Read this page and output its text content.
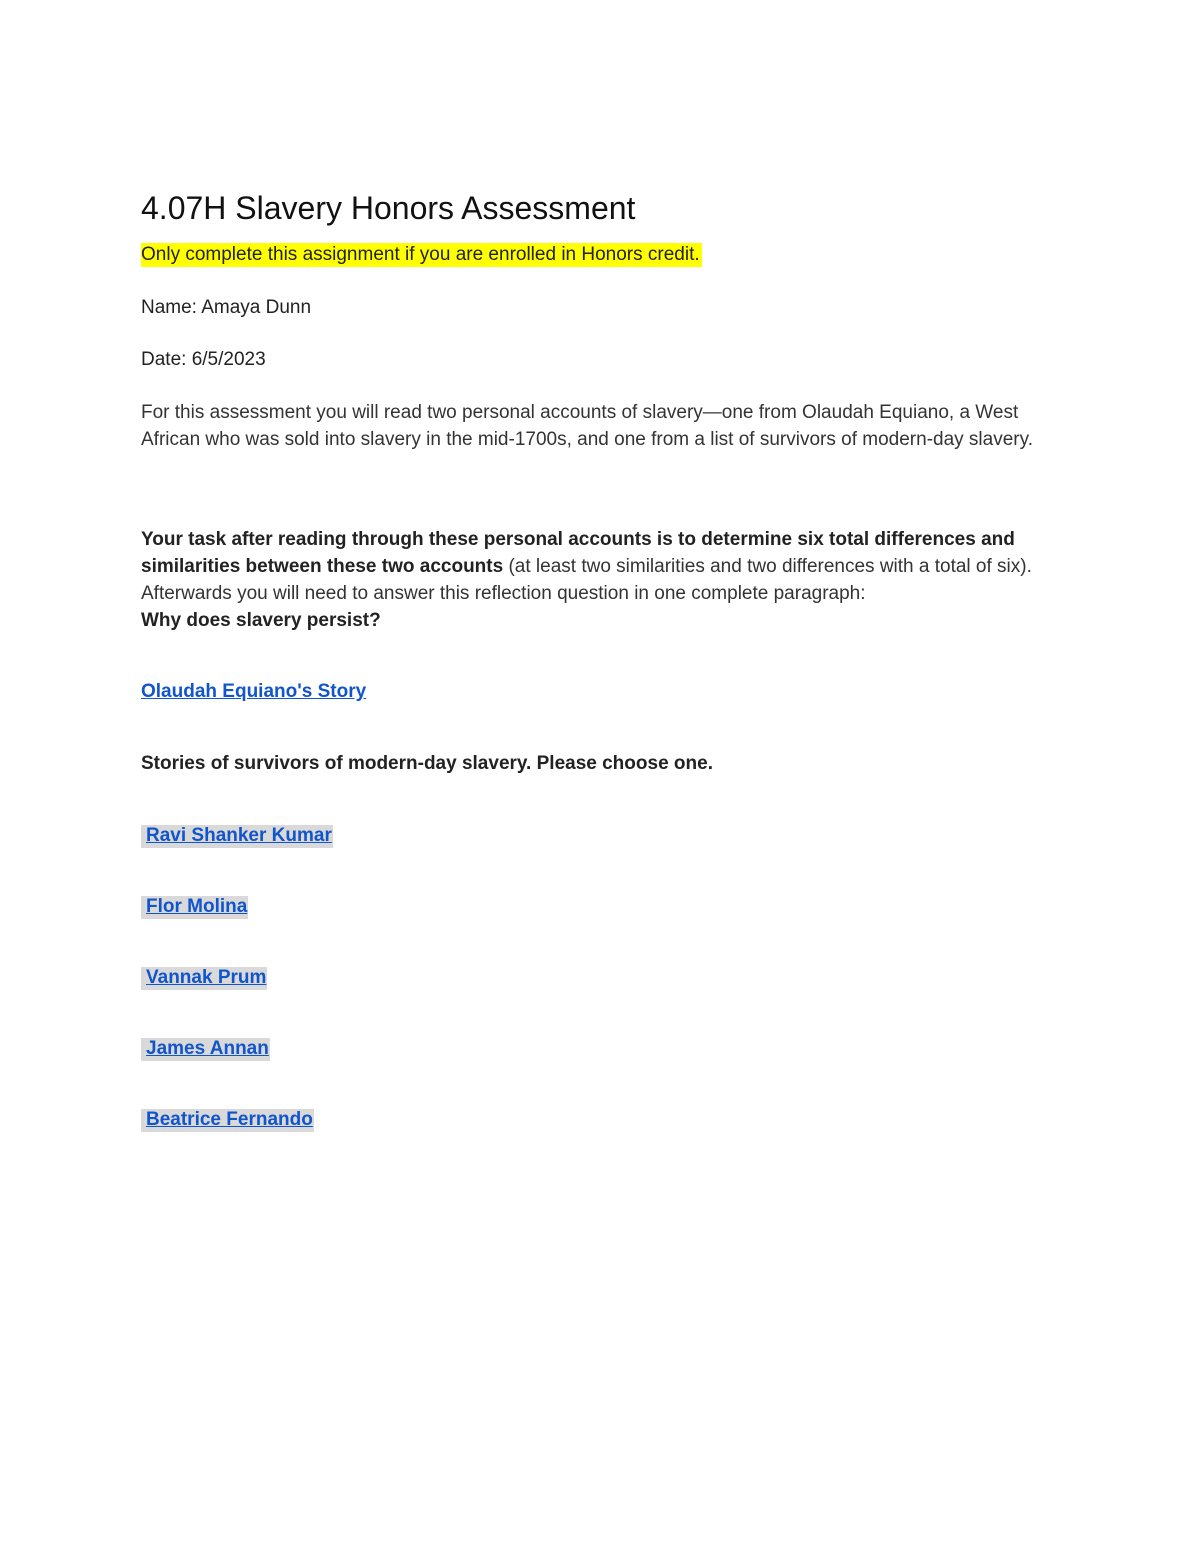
4.07H Slavery Honors Assessment
Only complete this assignment if you are enrolled in Honors credit.
Name: Amaya Dunn
Date: 6/5/2023
For this assessment you will read two personal accounts of slavery—one from Olaudah Equiano, a West African who was sold into slavery in the mid-1700s, and one from a list of survivors of modern-day slavery.
Your task after reading through these personal accounts is to determine six total differences and similarities between these two accounts (at least two similarities and two differences with a total of six). Afterwards you will need to answer this reflection question in one complete paragraph:
Why does slavery persist?
Olaudah Equiano's Story
Stories of survivors of modern-day slavery. Please choose one.
Ravi Shanker Kumar
Flor Molina
Vannak Prum
James Annan
Beatrice Fernando
